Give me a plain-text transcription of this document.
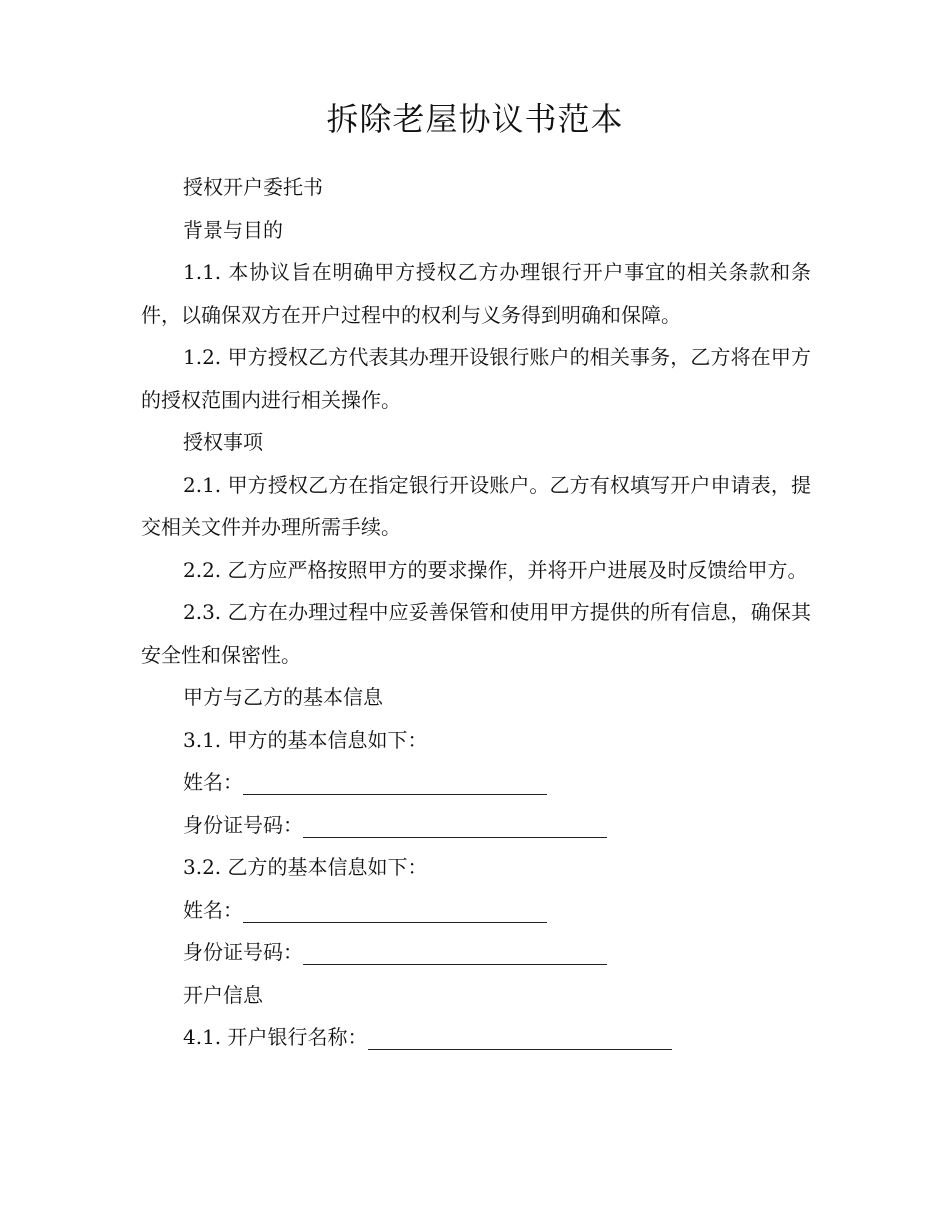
拆除老屋协议书范本

授权开户委托书

背景与目的

1.1. 本协议旨在明确甲方授权乙方办理银行开户事宜的相关条款和条件，以确保双方在开户过程中的权利与义务得到明确和保障。

1.2. 甲方授权乙方代表其办理开设银行账户的相关事务，乙方将在甲方的授权范围内进行相关操作。

授权事项

2.1. 甲方授权乙方在指定银行开设账户。乙方有权填写开户申请表，提交相关文件并办理所需手续。

2.2. 乙方应严格按照甲方的要求操作，并将开户进展及时反馈给甲方。

2.3. 乙方在办理过程中应妥善保管和使用甲方提供的所有信息，确保其安全性和保密性。

甲方与乙方的基本信息

3.1. 甲方的基本信息如下：

姓名：

身份证号码：

3.2. 乙方的基本信息如下：

姓名：

身份证号码：

开户信息

4.1. 开户银行名称：
